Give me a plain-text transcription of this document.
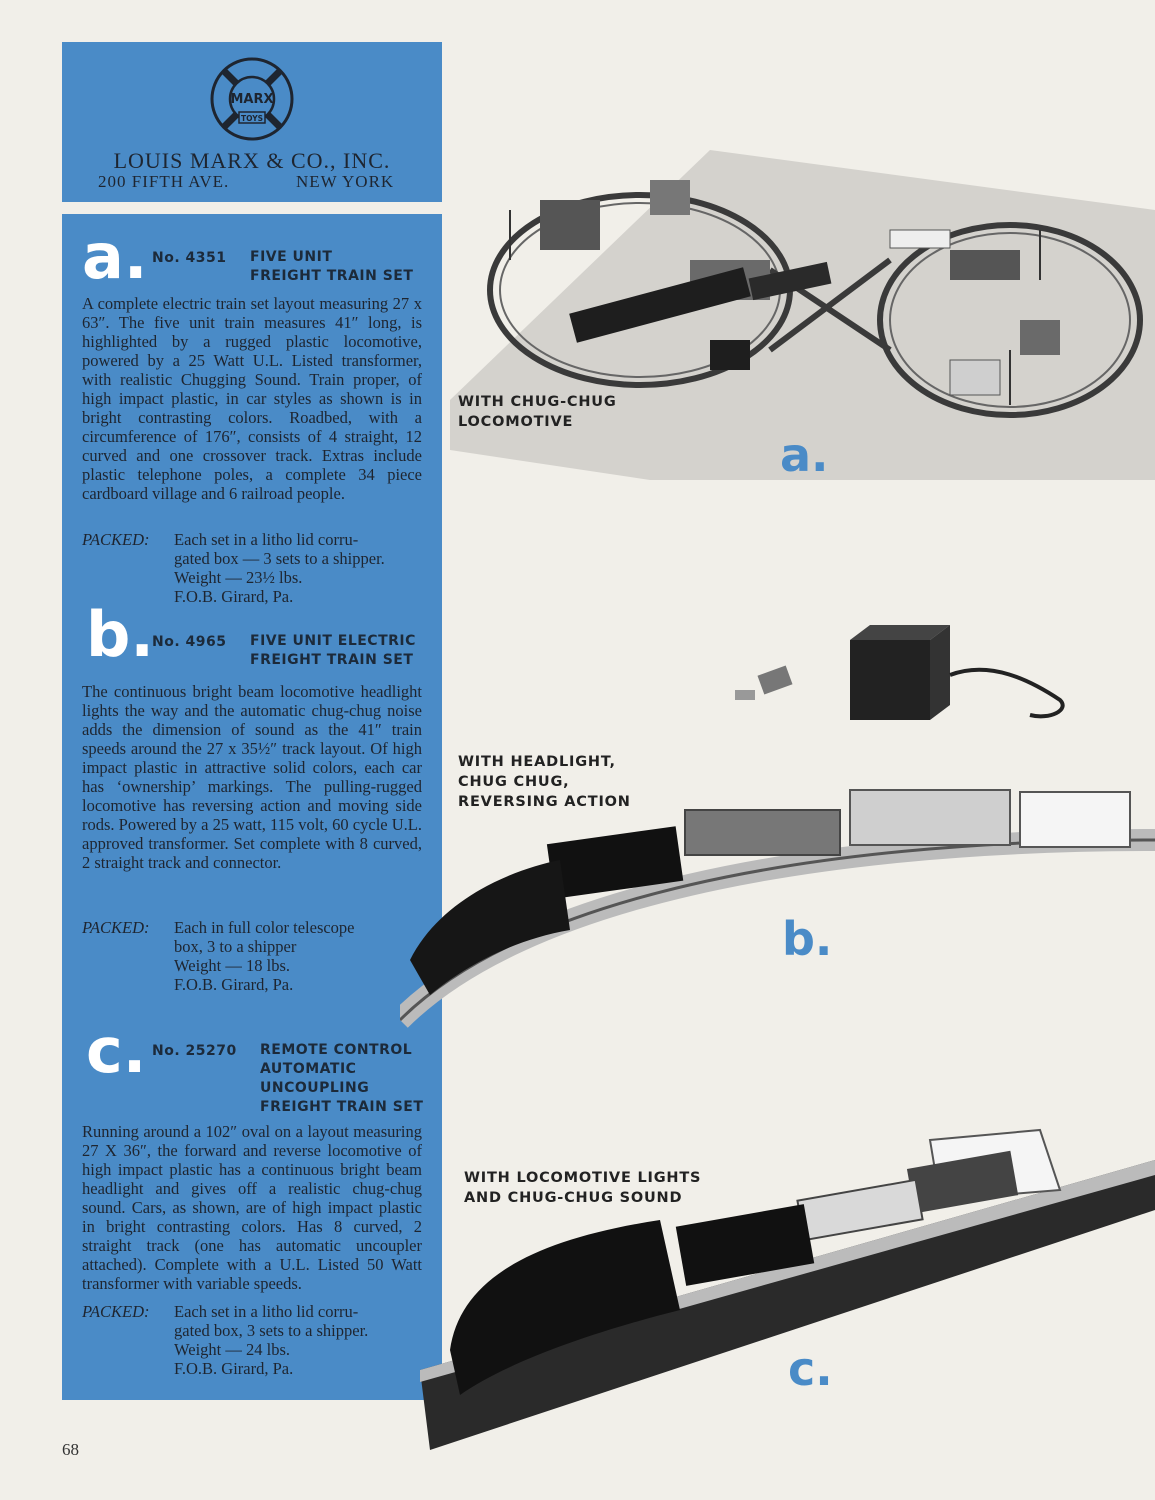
MARX
TOYS
LOUIS MARX & CO., INC.
200 FIFTH AVE.	NEW YORK
a. No. 4351 FIVE UNIT
FREIGHT TRAIN SET
A complete electric train set layout measuring 27 x 63″. The five unit train measures 41″ long, is highlighted by a rugged plastic locomotive, powered by a 25 Watt U.L. Listed transformer, with realistic Chugging Sound. Train proper, of high impact plastic, in car styles as shown is in bright contrasting colors. Roadbed, with a circumference of 176″, consists of 4 straight, 12 curved and one crossover track. Extras include plastic telephone poles, a complete 34 piece cardboard village and 6 railroad people.
PACKED: Each set in a litho lid corru-
gated box — 3 sets to a shipper.
Weight — 23½ lbs.
F.O.B. Girard, Pa.
b.
No. 4965 FIVE UNIT ELECTRIC
FREIGHT TRAIN SET
The continuous bright beam locomotive headlight lights the way and the automatic chug-chug noise adds the dimension of sound as the 41″ train speeds around the 27 x 35½″ track layout. Of high impact plastic in attractive solid colors, each car has ‘ownership’ markings. The pulling-rugged locomotive has reversing action and moving side rods. Powered by a 25 watt, 115 volt, 60 cycle U.L. approved transformer. Set complete with 8 curved, 2 straight track and connector.
PACKED: Each in full color telescope
box, 3 to a shipper
Weight — 18 lbs.
F.O.B. Girard, Pa.
c. No. 25270 REMOTE CONTROL
AUTOMATIC
UNCOUPLING
FREIGHT TRAIN SET
Running around a 102″ oval on a layout measuring 27 X 36″, the forward and reverse locomotive of high impact plastic has a continuous bright beam headlight and gives off a realistic chug-chug sound. Cars, as shown, are of high impact plastic in bright contrasting colors. Has 8 curved, 2 straight track (one has automatic uncoupler attached). Complete with a U.L. Listed 50 Watt transformer with variable speeds.
PACKED: Each set in a litho lid corru-
gated box, 3 sets to a shipper.
Weight — 24 lbs.
F.O.B. Girard, Pa.
WITH CHUG-CHUG
LOCOMOTIVE
a.
WITH HEADLIGHT,
CHUG CHUG,
REVERSING ACTION
b.
WITH LOCOMOTIVE LIGHTS
AND CHUG-CHUG SOUND
c.
68
